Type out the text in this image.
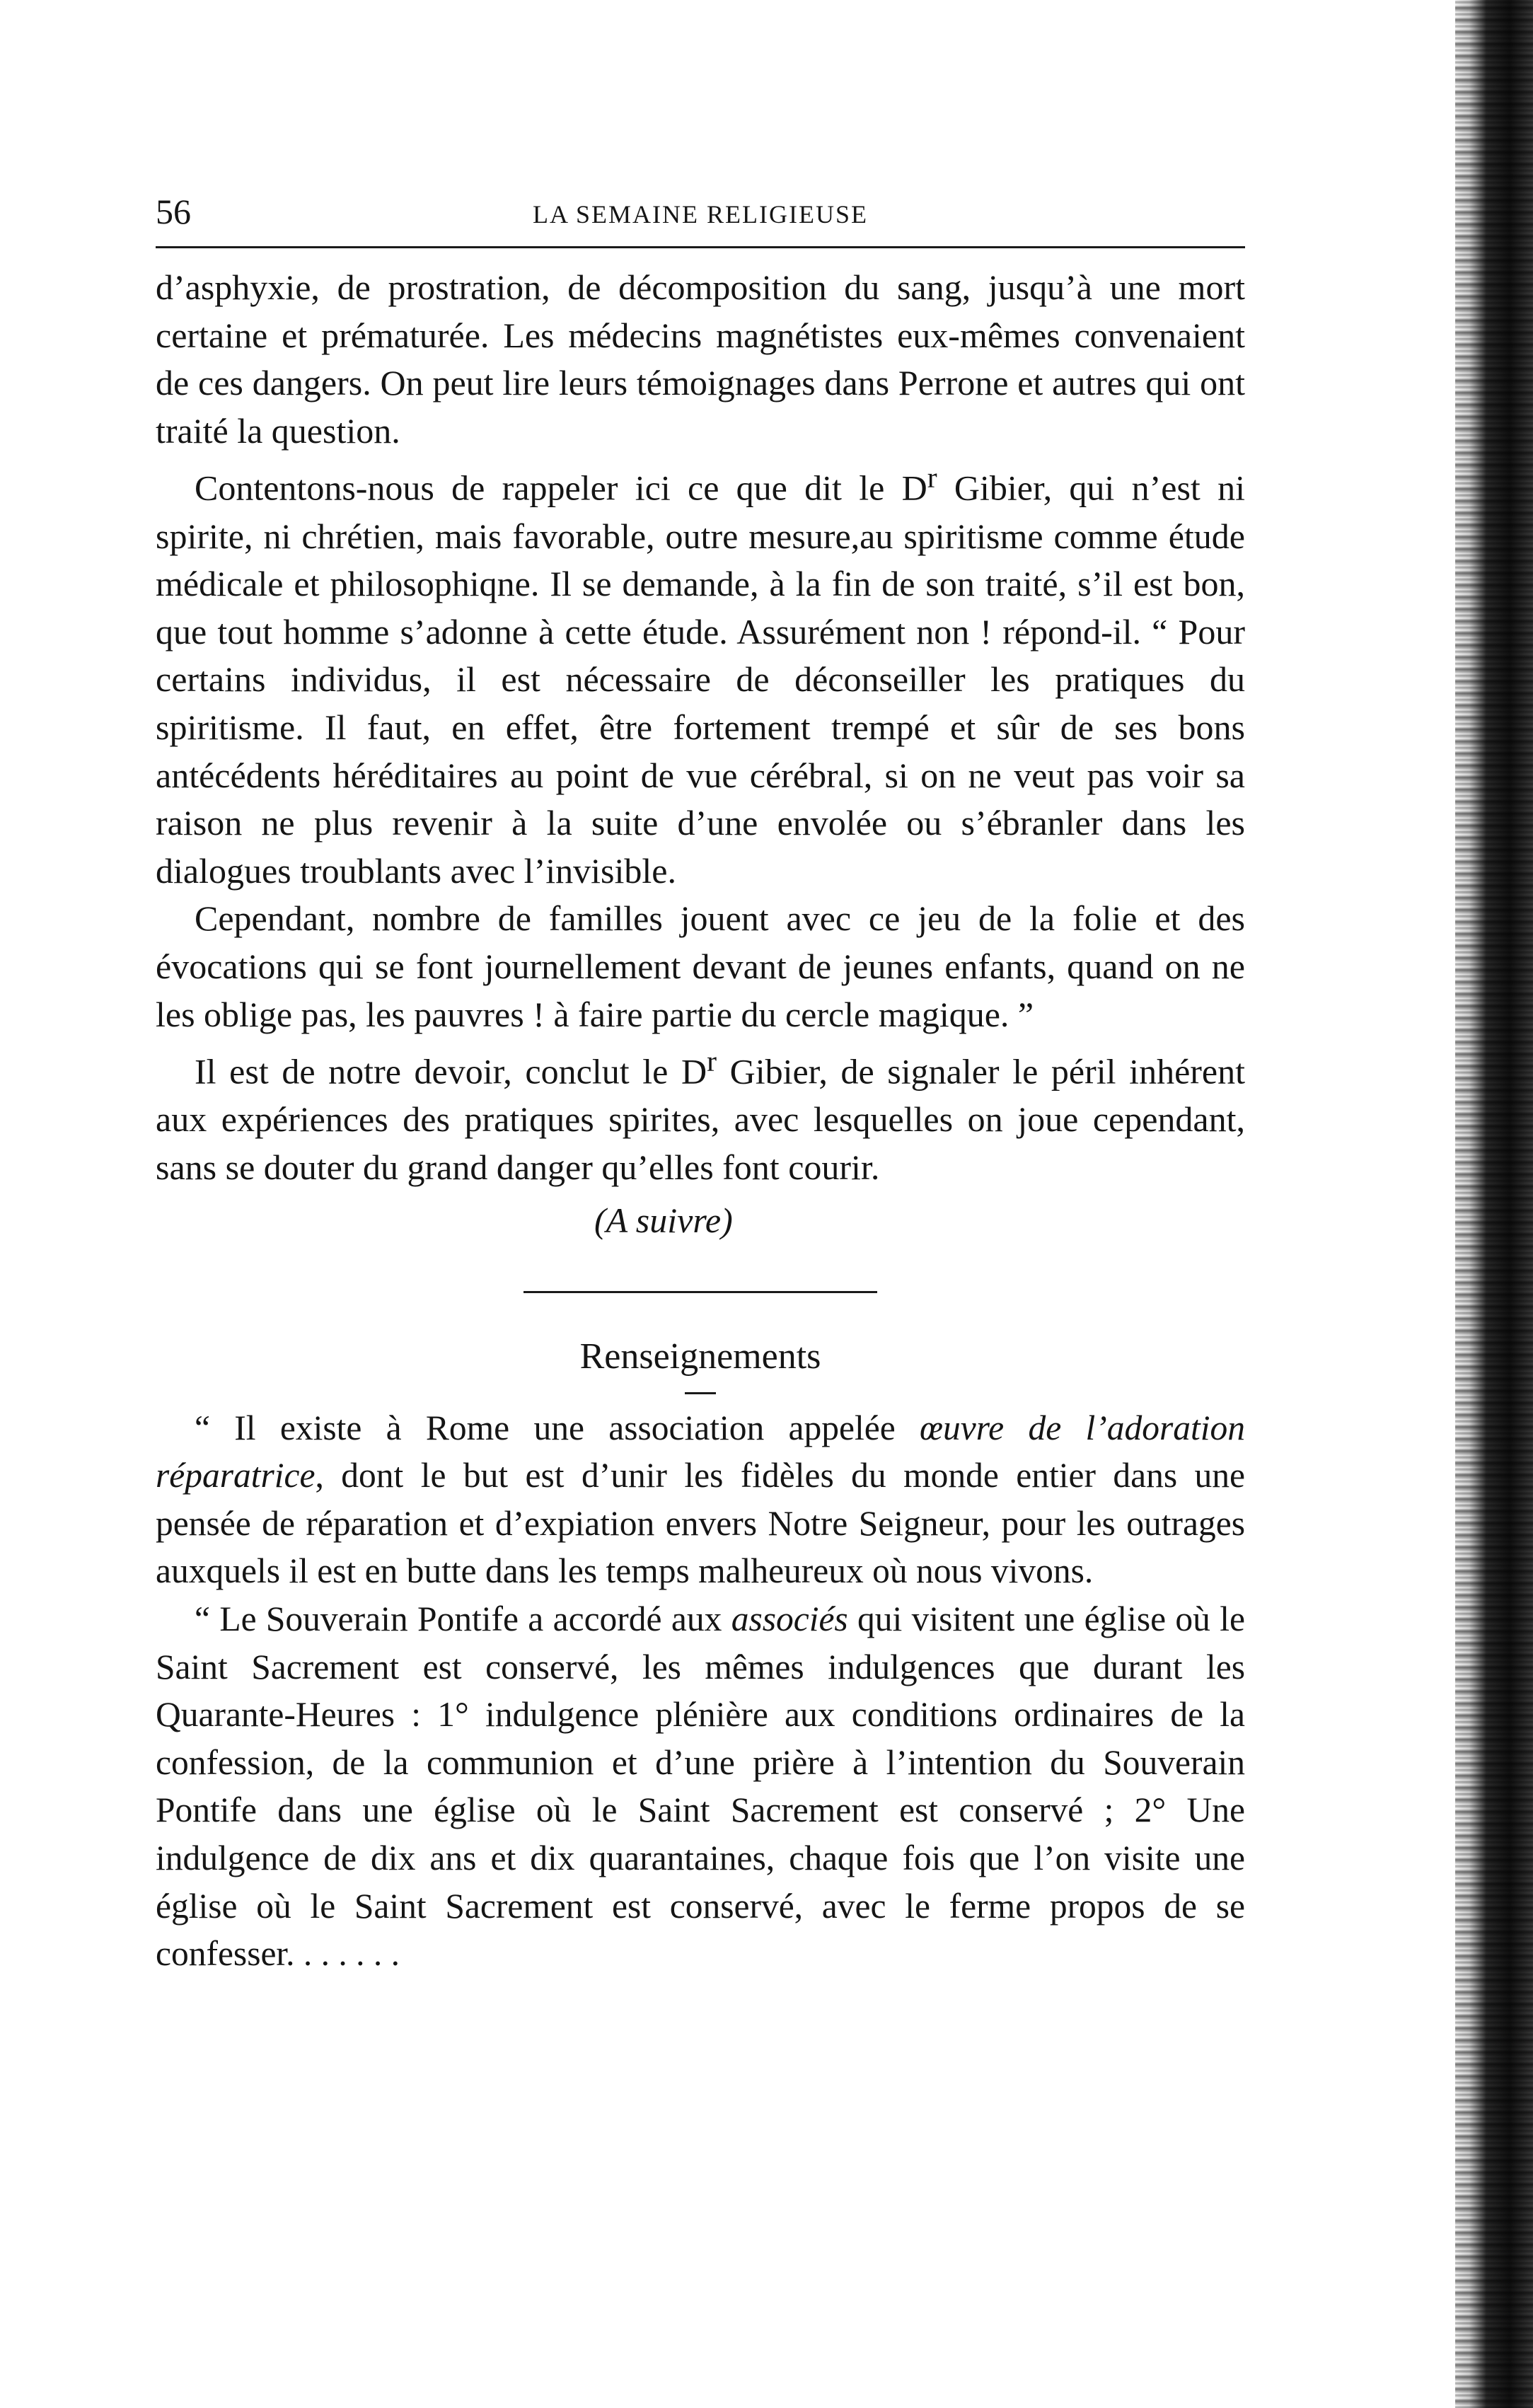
56	LA SEMAINE RELIGIEUSE

d’asphyxie, de prostration, de décomposition du sang, jusqu’à une mort certaine et prématurée. Les médecins magnétistes eux-mêmes convenaient de ces dangers. On peut lire leurs témoignages dans Perrone et autres qui ont traité la question.

Contentons-nous de rappeler ici ce que dit le $D^r$ Gibier, qui n’est ni spirite, ni chrétien, mais favorable, outre mesure,au spiritisme comme étude médicale et philosophiqne. Il se demande, à la fin de son traité, s’il est bon, que tout homme s’adonne à cette étude. Assurément non ! répond-il. “ Pour certains individus, il est nécessaire de déconseiller les pratiques du spiritisme. Il faut, en effet, être fortement trempé et sûr de ses bons antécédents héréditaires au point de vue cérébral, si on ne veut pas voir sa raison ne plus revenir à la suite d’une envolée ou s’ébranler dans les dialogues troublants avec l’invisible.

Cependant, nombre de familles jouent avec ce jeu de la folie et des évocations qui se font journellement devant de jeunes enfants, quand on ne les oblige pas, les pauvres ! à faire partie du cercle magique. ”

Il est de notre devoir, conclut le $D^r$ Gibier, de signaler le péril inhérent aux expériences des pratiques spirites, avec lesquelles on joue cependant, sans se douter du grand danger qu’elles font courir.

(A suivre)

Renseignements

“ Il existe à Rome une association appelée œuvre de l’adoration réparatrice, dont le but est d’unir les fidèles du monde entier dans une pensée de réparation et d’expiation envers Notre Seigneur, pour les outrages auxquels il est en butte dans les temps malheureux où nous vivons.

“ Le Souverain Pontife a accordé aux associés qui visitent une église où le Saint Sacrement est conservé, les mêmes indulgences que durant les Quarante-Heures : 1° indulgence plénière aux conditions ordinaires de la confession, de la communion et d’une prière à l’intention du Souverain Pontife dans une église où le Saint Sacrement est conservé ; 2° Une indulgence de dix ans et dix quarantaines, chaque fois que l’on visite une église où le Saint Sacrement est conservé, avec le ferme propos de se confesser. . . . . . .
